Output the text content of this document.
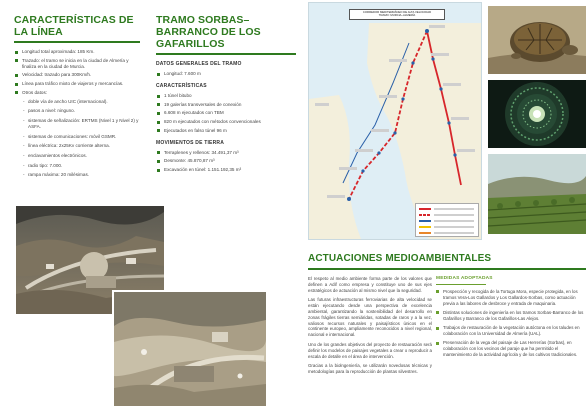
CARACTERÍSTICAS DE LA LÍNEA
Longitud total aproximada: 185 Km.
Trazado: el tramo se inicia en la ciudad de Almería y finaliza en la ciudad de Murcia.
Velocidad: trazado para 300Km/h.
Línea para tráfico mixto de viajeros y mercancías.
Otros datos:
- doble vía de ancho UIC (internacional).
- pasos a nivel: ninguno.
- sistemas de señalización: ERTMS (Nivel 1 y Nivel 2) y ASFA.
- sistemas de comunicaciones: móvil GSMR.
- línea eléctrica: 2x25Kv corriente alterna.
- enclavamientos electrónicos.
- radio tipo: 7.000.
- rampa máxima: 20 milésimas.
TRAMO SORBAS–BARRANCO DE LOS GAFARILLOS
DATOS GENERALES DEL TRAMO
Longitud: 7.600 m
CARACTERÍSTICAS
1 túnel bitubo
19 galerías transversales de conexión
6.608 m ejecutados con TBM
820 m ejecutados con métodos convencionales
Ejecutados en falso túnel 96 m
MOVIMIENTOS DE TIERRA
Terraplenes y rellenos: 34.491,37 m³
Desmonte: 45.870,87 m³
Excavación en túnel: 1.151.192,35 m³
CORREDOR MEDITERRÁNEO DE ALTA VELOCIDAD
TRAMO: MURCIA–ALMERÍA
ACTUACIONES MEDIOAMBIENTALES

El respeto al medio ambiente forma parte de los valores que definen a Adif como empresa y constituye uno de sus ejes estratégicos de actuación al mismo nivel que la seguridad.

Las futuras infraestructuras ferroviarias de alta velocidad se están ejecutando desde una perspectiva de excelencia ambiental, garantizando la sostenibilidad del desarrollo en zonas frágiles tierras semiáridas, sotadas de raros y a la vez, valiosos recursos naturales y paisajísticos únicos en el continente europeo, ampliamente reconocidos a nivel regional, nacional e internacional.

Uno de los grandes objetivos del proyecto de restauración será definir los modelos de paisajes vegetales a crear o reproducir a escala de detalle en el área de intervención.

Gracias a la biolngeniería, se utilizarán novedosas técnicas y metodologías para la reproducción de plantas silvestres.

MEDIDAS ADOPTADAS
Prospección y recogida de la Tortuga Mora, especie protegida, en los tramos Vera-Los Gallardos y Los Gallardos-Sorbas, como actuación previa a las labores de desbroce y entrada de maquinaria.
Distintas soluciones de ingeniería en los tramos Sorbas-Barranco de los Gafarillos y Barranco de los Gafarillos-Las Alejos.
Trabajos de restauración de la vegetación autóctona en los taludes en colaboración con la Universidad de Almería (UAL).
Preservación de la vega del paisaje de Las Herrerías (Sorbas), en colaboración con los vecinos del paraje que ha permitido el mantenimiento de la actividad agrícola y de los cultivos tradicionales.
